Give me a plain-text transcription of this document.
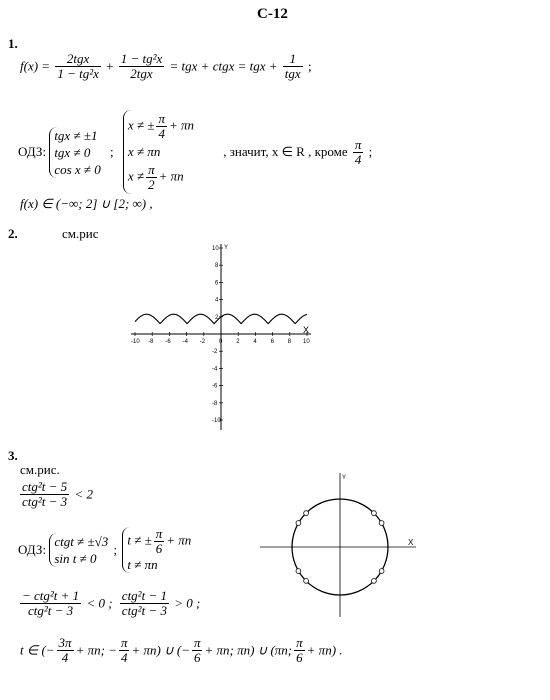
С-12
1.
$f(x) = \frac{\text{2tgx}}{\text{1 − tg²x}} + \frac{\text{1 − tg²x}}{\text{2tgx}}$ = tgx + ctgx = tgx + $\frac{1}{\text{tgx}}$ ;
ОДЗ:
tgx ≠ ±1
tgx ≠ 0
cos x ≠ 0
;
x ≠ ± $\frac{\pi}{4} + \pi n$
x ≠ πn
$x \ne \frac{\pi}{2} + \pi n$
, значит, x ∈ R , кроме $\frac{\pi}{4}$ ;
f(x) ∈ (−∞; 2] ∪ [2; ∞) ,
2.	см.рис
Y
X
-10 -8 -6 -4 -2 0 2 4 6 8 10
10
8
6
4
2
-2
-4
-6
-8
-10
3.
см.рис.
$\frac{\text{ctg²t − 5}}{\text{ctg²t − 3}} < 2$
ОДЗ:
ctgt ≠ ±√3
sin t ≠ 0
;
t ≠ ± $\frac{\pi}{6} + \pi n$
t ≠ πn
$\frac{\text{− ctg²t + 1}}{\text{ctg²t − 3}} < 0$ ; $\frac{\text{ctg²t − 1}}{\text{ctg²t − 3}} > 0$ ;
t ∈ (− $\frac{3\pi}{4} + \pi n$; − $\frac{\pi}{4} + \pi n$) ∪ (− $\frac{\pi}{6} + \pi n$; πn) ∪ (πn; $\frac{\pi}{6} + \pi n$) .
Y
X
